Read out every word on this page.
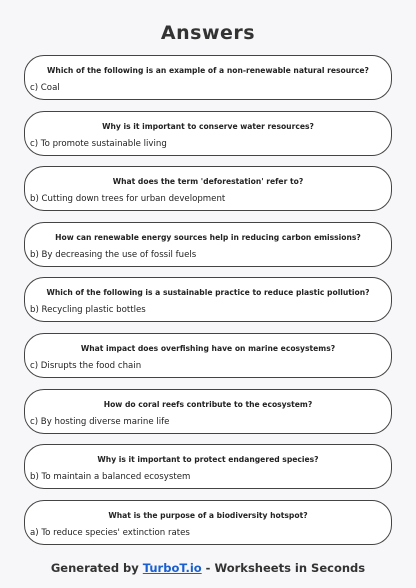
Answers
Which of the following is an example of a non-renewable natural resource?
c) Coal
Why is it important to conserve water resources?
c) To promote sustainable living
What does the term 'deforestation' refer to?
b) Cutting down trees for urban development
How can renewable energy sources help in reducing carbon emissions?
b) By decreasing the use of fossil fuels
Which of the following is a sustainable practice to reduce plastic pollution?
b) Recycling plastic bottles
What impact does overfishing have on marine ecosystems?
c) Disrupts the food chain
How do coral reefs contribute to the ecosystem?
c) By hosting diverse marine life
Why is it important to protect endangered species?
b) To maintain a balanced ecosystem
What is the purpose of a biodiversity hotspot?
a) To reduce species' extinction rates
Generated by TurboT.io - Worksheets in Seconds
